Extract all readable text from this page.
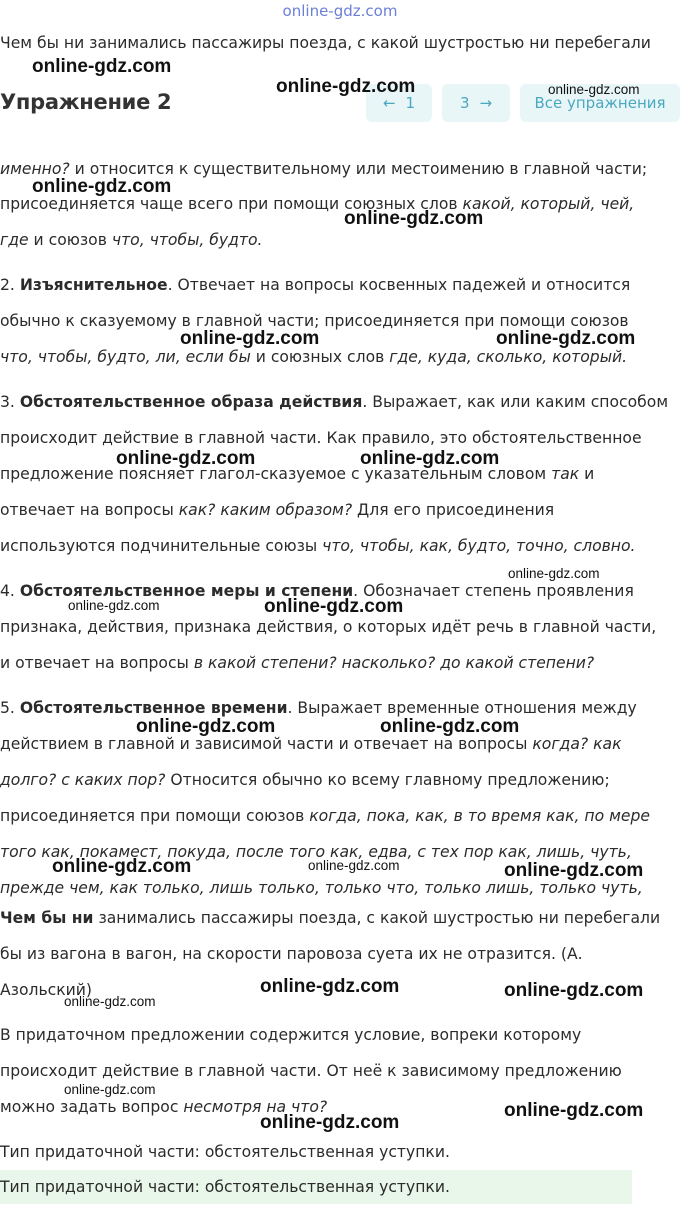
online-gdz.com
Чем бы ни занимались пассажиры поезда, с какой шустростью ни перебегали
Упражнение 2	← 1	3 →	Все упражнения
именно? и относится к существительному или местоимению в главной части;
присоединяется чаще всего при помощи союзных слов какой, который, чей,
где и союзов что, чтобы, будто.
2. Изъяснительное. Отвечает на вопросы косвенных падежей и относится
обычно к сказуемому в главной части; присоединяется при помощи союзов
что, чтобы, будто, ли, если бы и союзных слов где, куда, сколько, который.
3. Обстоятельственное образа действия. Выражает, как или каким способом
происходит действие в главной части. Как правило, это обстоятельственное
предложение поясняет глагол-сказуемое с указательным словом так и
отвечает на вопросы как? каким образом? Для его присоединения
используются подчинительные союзы что, чтобы, как, будто, точно, словно.
4. Обстоятельственное меры и степени. Обозначает степень проявления
признака, действия, признака действия, о которых идёт речь в главной части,
и отвечает на вопросы в какой степени? насколько? до какой степени?
5. Обстоятельственное времени. Выражает временные отношения между
действием в главной и зависимой части и отвечает на вопросы когда? как
долго? с каких пор? Относится обычно ко всему главному предложению;
присоединяется при помощи союзов когда, пока, как, в то время как, по мере
того как, покамест, покуда, после того как, едва, с тех пор как, лишь, чуть,
прежде чем, как только, лишь только, только что, только лишь, только чуть,
Чем бы ни занимались пассажиры поезда, с какой шустростью ни перебегали
бы из вагона в вагон, на скорости паровоза суета их не отразится. (А.
Азольский)
В придаточном предложении содержится условие, вопреки которому
происходит действие в главной части. От неё к зависимому предложению
можно задать вопрос несмотря на что?
Тип придаточной части: обстоятельственная уступки.
Тип придаточной части: обстоятельственная уступки.
online-gdz.com
online-gdz.com	online-gdz.com
online-gdz.com
online-gdz.com
online-gdz.com	online-gdz.com
online-gdz.com	online-gdz.com
online-gdz.com
online-gdz.com	online-gdz.com
online-gdz.com	online-gdz.com
online-gdz.com	online-gdz.com	online-gdz.com
online-gdz.com	online-gdz.com
online-gdz.com
online-gdz.com
online-gdz.com
online-gdz.com
